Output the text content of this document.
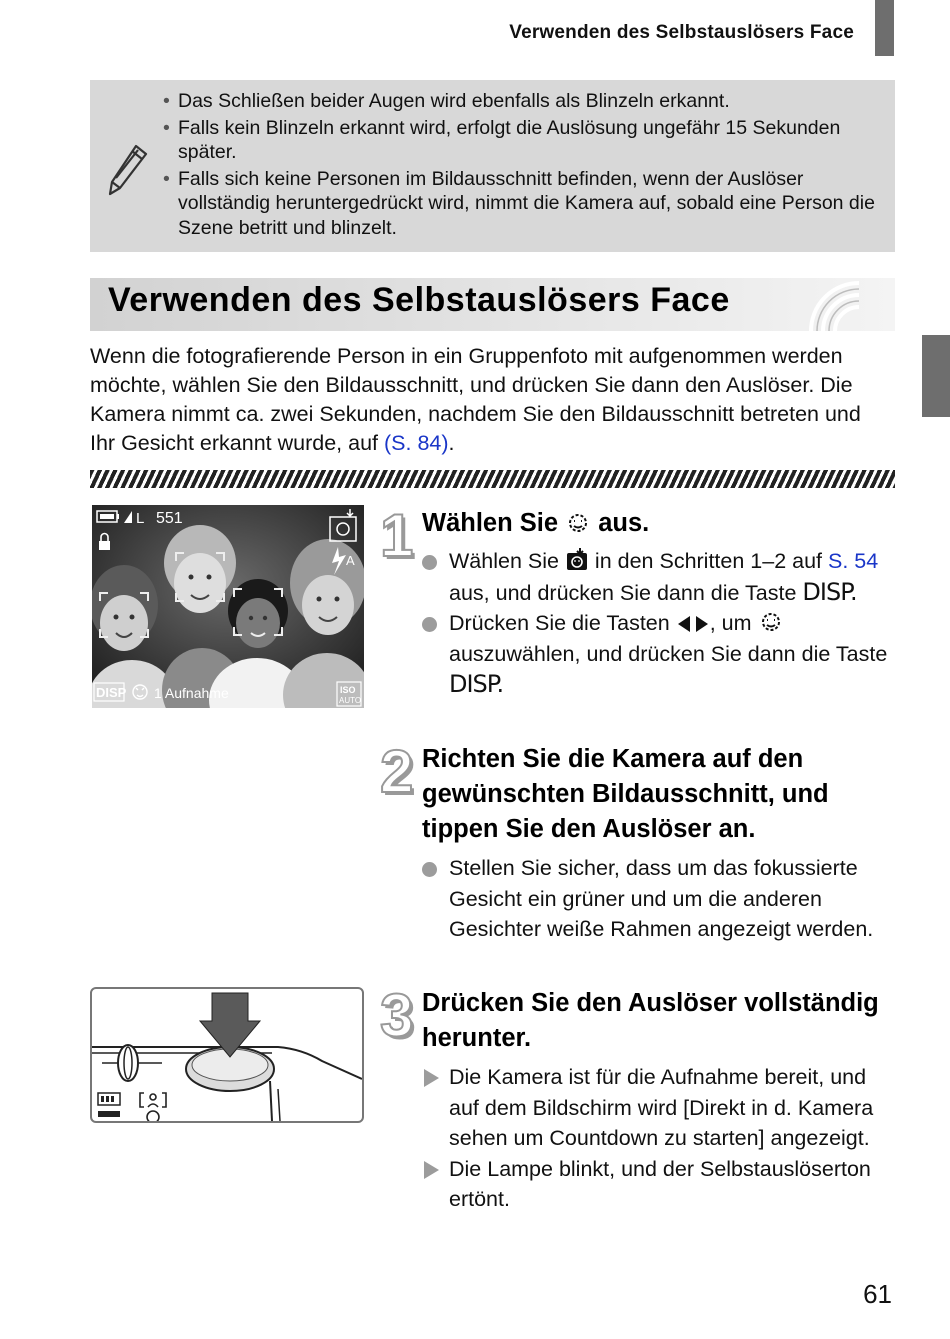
Verwenden des Selbstauslösers Face
• Das Schließen beider Augen wird ebenfalls als Blinzeln erkannt.
• Falls kein Blinzeln erkannt wird, erfolgt die Auslösung ungefähr 15 Sekunden später.
• Falls sich keine Personen im Bildausschnitt befinden, wenn der Auslöser vollständig heruntergedrückt wird, nimmt die Kamera auf, sobald eine Person die Szene betritt und blinzelt.
Verwenden des Selbstauslösers Face
Wenn die fotografierende Person in ein Gruppenfoto mit aufgenommen werden möchte, wählen Sie den Bildausschnitt, und drücken Sie dann den Auslöser. Die Kamera nimmt ca. zwei Sekunden, nachdem Sie den Bildausschnitt betreten und Ihr Gesicht erkannt wurde, auf (S. 84).
L 551
A
DISP 1 Aufnahme	ISO
AUTO
1 Wählen Sie aus.
Wählen Sie in den Schritten 1–2 auf S. 54 aus, und drücken Sie dann die Taste DISP.
Drücken Sie die Tasten , um  auszuwählen, und drücken Sie dann die Taste DISP.
2 Richten Sie die Kamera auf den gewünschten Bildausschnitt, und tippen Sie den Auslöser an.
Stellen Sie sicher, dass um das fokussierte Gesicht ein grüner und um die anderen Gesichter weiße Rahmen angezeigt werden.
3 Drücken Sie den Auslöser vollständig herunter.
Die Kamera ist für die Aufnahme bereit, und auf dem Bildschirm wird [Direkt in d. Kamera sehen um Countdown zu starten] angezeigt.
Die Lampe blinkt, und der Selbstauslöserton ertönt.
61
